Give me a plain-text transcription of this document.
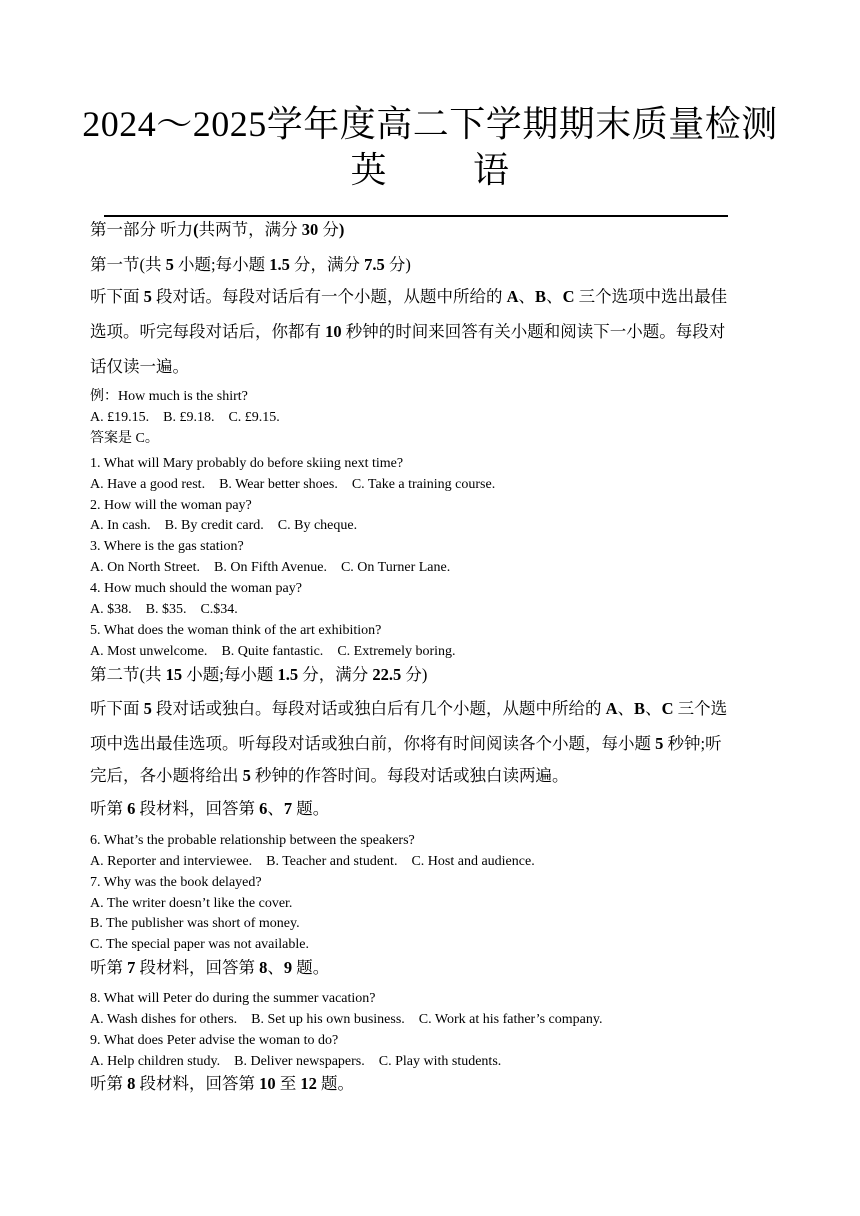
2024～2025学年度高二下学期期末质量检测
英 语
第一部分 听力(共两节，满分 30 分)
第一节(共 5 小题;每小题 1.5 分，满分 7.5 分)
听下面 5 段对话。每段对话后有一个小题，从题中所给的 A、B、C 三个选项中选出最佳
选项。听完每段对话后，你都有 10 秒钟的时间来回答有关小题和阅读下一小题。每段对
话仅读一遍。
例：How much is the shirt?
A. £19.15. B. £9.18. C. £9.15.
答案是 C。
1. What will Mary probably do before skiing next time?
A. Have a good rest. B. Wear better shoes. C. Take a training course.
2. How will the woman pay?
A. In cash. B. By credit card. C. By cheque.
3. Where is the gas station?
A. On North Street. B. On Fifth Avenue. C. On Turner Lane.
4. How much should the woman pay?
A. $38. B. $35. C.$34.
5. What does the woman think of the art exhibition?
A. Most unwelcome. B. Quite fantastic. C. Extremely boring.
第二节(共 15 小题;每小题 1.5 分，满分 22.5 分)
听下面 5 段对话或独白。每段对话或独白后有几个小题，从题中所给的 A、B、C 三个选
项中选出最佳选项。听每段对话或独白前，你将有时间阅读各个小题，每小题 5 秒钟;听
完后，各小题将给出 5 秒钟的作答时间。每段对话或独白读两遍。
听第 6 段材料，回答第 6、7 题。
6. What’s the probable relationship between the speakers?
A. Reporter and interviewee. B. Teacher and student. C. Host and audience.
7. Why was the book delayed?
A. The writer doesn’t like the cover.
B. The publisher was short of money.
C. The special paper was not available.
听第 7 段材料，回答第 8、9 题。
8. What will Peter do during the summer vacation?
A. Wash dishes for others. B. Set up his own business. C. Work at his father’s company.
9. What does Peter advise the woman to do?
A. Help children study. B. Deliver newspapers. C. Play with students.
听第 8 段材料，回答第 10 至 12 题。
